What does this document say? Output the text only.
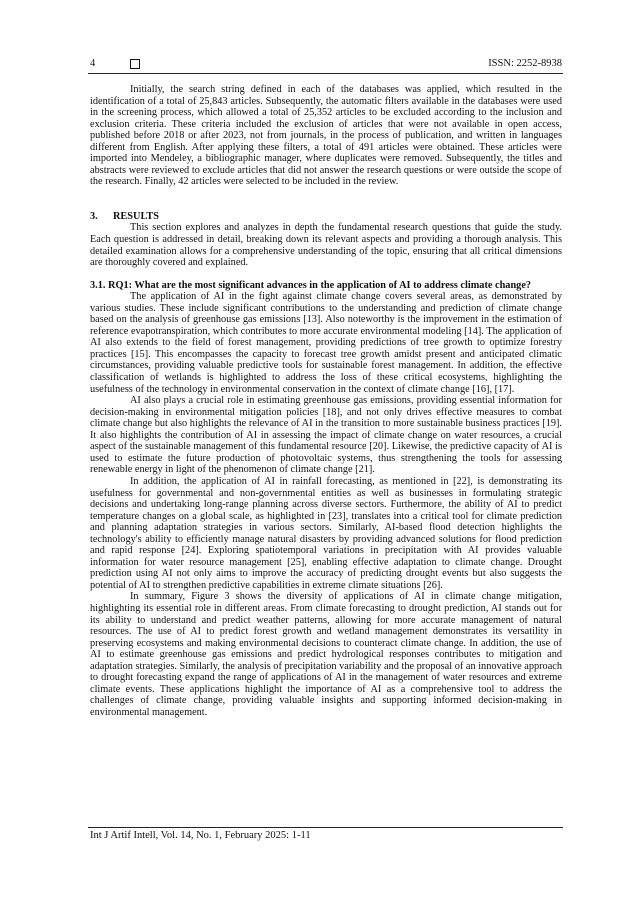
4	ISSN: 2252-8938

Initially, the search string defined in each of the databases was applied, which resulted in the identification of a total of 25,843 articles. Subsequently, the automatic filters available in the databases were used in the screening process, which allowed a total of 25,352 articles to be excluded according to the inclusion and exclusion criteria. These criteria included the exclusion of articles that were not available in open access, published before 2018 or after 2023, not from journals, in the process of publication, and written in languages different from English. After applying these filters, a total of 491 articles were obtained. These articles were imported into Mendeley, a bibliographic manager, where duplicates were removed. Subsequently, the titles and abstracts were reviewed to exclude articles that did not answer the research questions or were outside the scope of the research. Finally, 42 articles were selected to be included in the review.

3. RESULTS

This section explores and analyzes in depth the fundamental research questions that guide the study. Each question is addressed in detail, breaking down its relevant aspects and providing a thorough analysis. This detailed examination allows for a comprehensive understanding of the topic, ensuring that all critical dimensions are thoroughly covered and explained.

3.1. RQ1: What are the most significant advances in the application of AI to address climate change?

The application of AI in the fight against climate change covers several areas, as demonstrated by various studies. These include significant contributions to the understanding and prediction of climate change based on the analysis of greenhouse gas emissions [13]. Also noteworthy is the improvement in the estimation of reference evapotranspiration, which contributes to more accurate environmental modeling [14]. The application of AI also extends to the field of forest management, providing predictions of tree growth to optimize forestry practices [15]. This encompasses the capacity to forecast tree growth amidst present and anticipated climatic circumstances, providing valuable predictive tools for sustainable forest management. In addition, the effective classification of wetlands is highlighted to address the loss of these critical ecosystems, highlighting the usefulness of the technology in environmental conservation in the context of climate change [16], [17].

AI also plays a crucial role in estimating greenhouse gas emissions, providing essential information for decision-making in environmental mitigation policies [18], and not only drives effective measures to combat climate change but also highlights the relevance of AI in the transition to more sustainable business practices [19]. It also highlights the contribution of AI in assessing the impact of climate change on water resources, a crucial aspect of the sustainable management of this fundamental resource [20]. Likewise, the predictive capacity of AI is used to estimate the future production of photovoltaic systems, thus strengthening the tools for assessing renewable energy in light of the phenomenon of climate change [21].

In addition, the application of AI in rainfall forecasting, as mentioned in [22], is demonstrating its usefulness for governmental and non-governmental entities as well as businesses in formulating strategic decisions and undertaking long-range planning across diverse sectors. Furthermore, the ability of AI to predict temperature changes on a global scale, as highlighted in [23], translates into a critical tool for climate prediction and planning adaptation strategies in various sectors. Similarly, AI-based flood detection highlights the technology's ability to efficiently manage natural disasters by providing advanced solutions for flood prediction and rapid response [24]. Exploring spatiotemporal variations in precipitation with AI provides valuable information for water resource management [25], enabling effective adaptation to climate change. Drought prediction using AI not only aims to improve the accuracy of predicting drought events but also suggests the potential of AI to strengthen predictive capabilities in extreme climate situations [26].

In summary, Figure 3 shows the diversity of applications of AI in climate change mitigation, highlighting its essential role in different areas. From climate forecasting to drought prediction, AI stands out for its ability to understand and predict weather patterns, allowing for more accurate management of natural resources. The use of AI to predict forest growth and wetland management demonstrates its versatility in preserving ecosystems and making environmental decisions to counteract climate change. In addition, the use of AI to estimate greenhouse gas emissions and predict hydrological responses contributes to mitigation and adaptation strategies. Similarly, the analysis of precipitation variability and the proposal of an innovative approach to drought forecasting expand the range of applications of AI in the management of water resources and extreme climate events. These applications highlight the importance of AI as a comprehensive tool to address the challenges of climate change, providing valuable insights and supporting informed decision-making in environmental management.

Int J Artif Intell, Vol. 14, No. 1, February 2025: 1-11
